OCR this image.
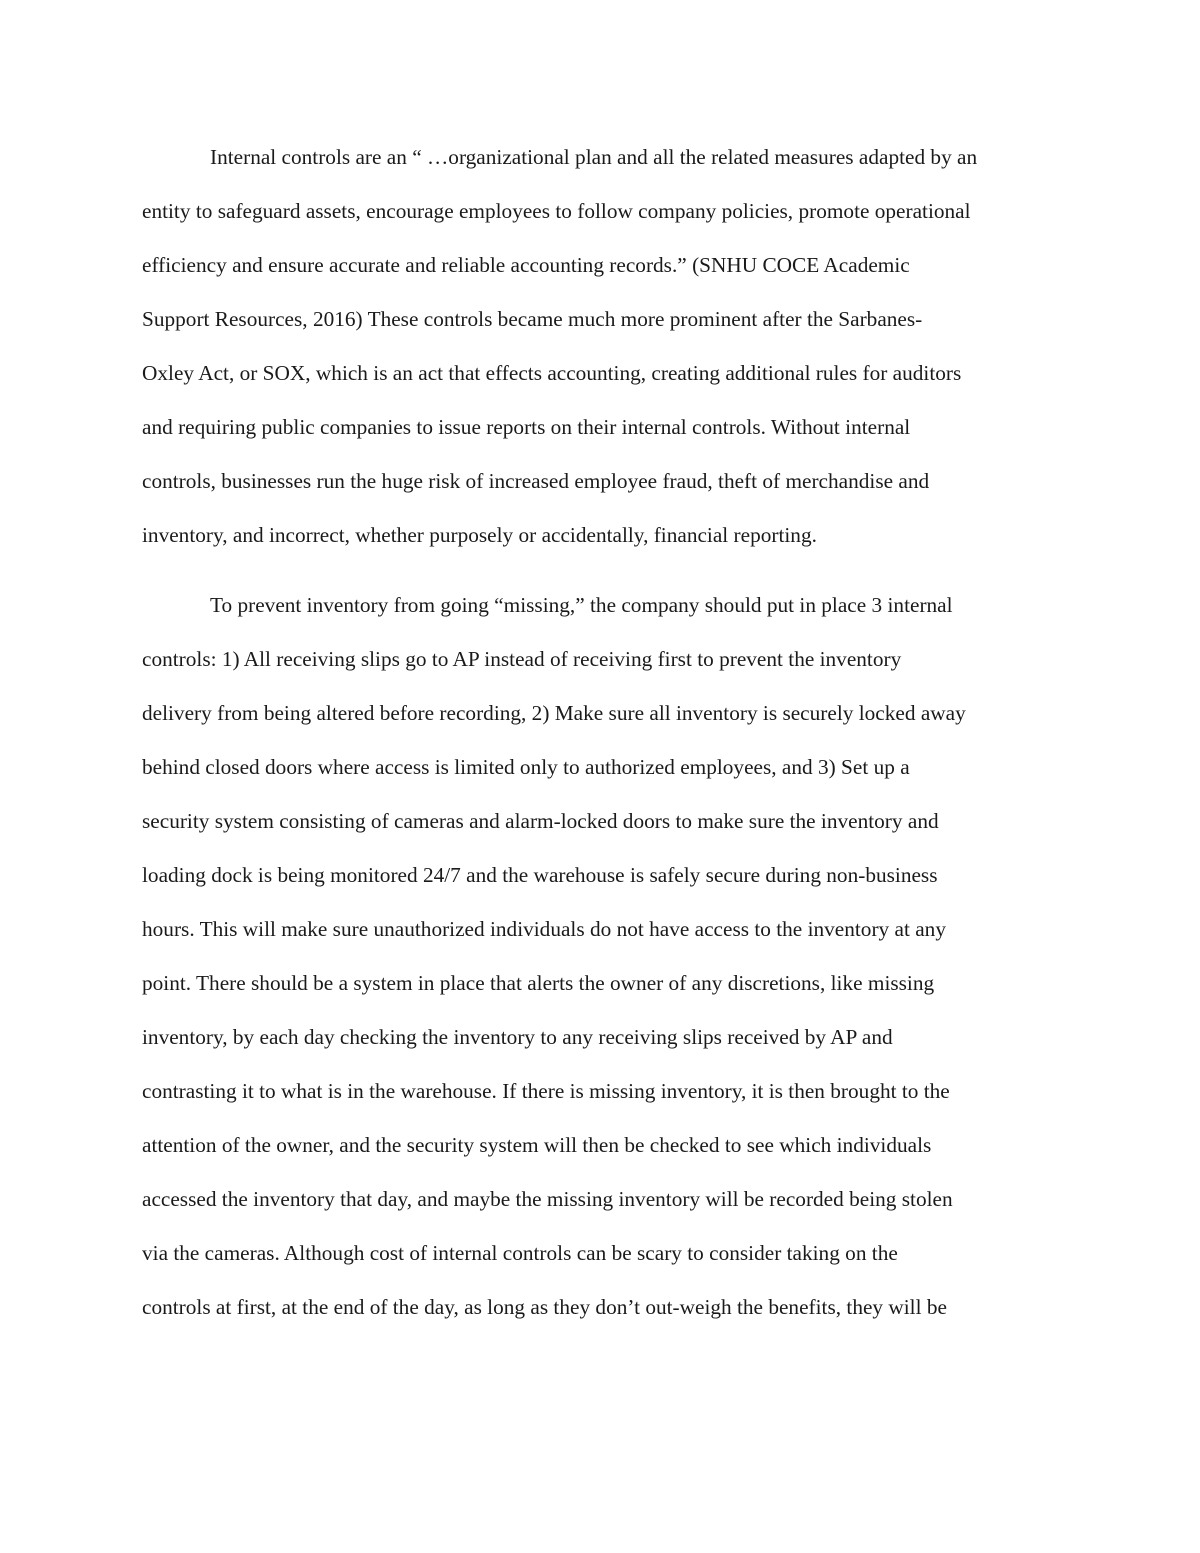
Internal controls are an “ …organizational plan and all the related measures adapted by an
entity to safeguard assets, encourage employees to follow company policies, promote operational
efficiency and ensure accurate and reliable accounting records.” (SNHU COCE Academic
Support Resources, 2016) These controls became much more prominent after the Sarbanes-
Oxley Act, or SOX, which is an act that effects accounting, creating additional rules for auditors
and requiring public companies to issue reports on their internal controls. Without internal
controls, businesses run the huge risk of increased employee fraud, theft of merchandise and
inventory, and incorrect, whether purposely or accidentally, financial reporting.
To prevent inventory from going “missing,” the company should put in place 3 internal
controls: 1) All receiving slips go to AP instead of receiving first to prevent the inventory
delivery from being altered before recording, 2) Make sure all inventory is securely locked away
behind closed doors where access is limited only to authorized employees, and 3) Set up a
security system consisting of cameras and alarm-locked doors to make sure the inventory and
loading dock is being monitored 24/7 and the warehouse is safely secure during non-business
hours. This will make sure unauthorized individuals do not have access to the inventory at any
point. There should be a system in place that alerts the owner of any discretions, like missing
inventory, by each day checking the inventory to any receiving slips received by AP and
contrasting it to what is in the warehouse. If there is missing inventory, it is then brought to the
attention of the owner, and the security system will then be checked to see which individuals
accessed the inventory that day, and maybe the missing inventory will be recorded being stolen
via the cameras. Although cost of internal controls can be scary to consider taking on the
controls at first, at the end of the day, as long as they don’t out-weigh the benefits, they will be
